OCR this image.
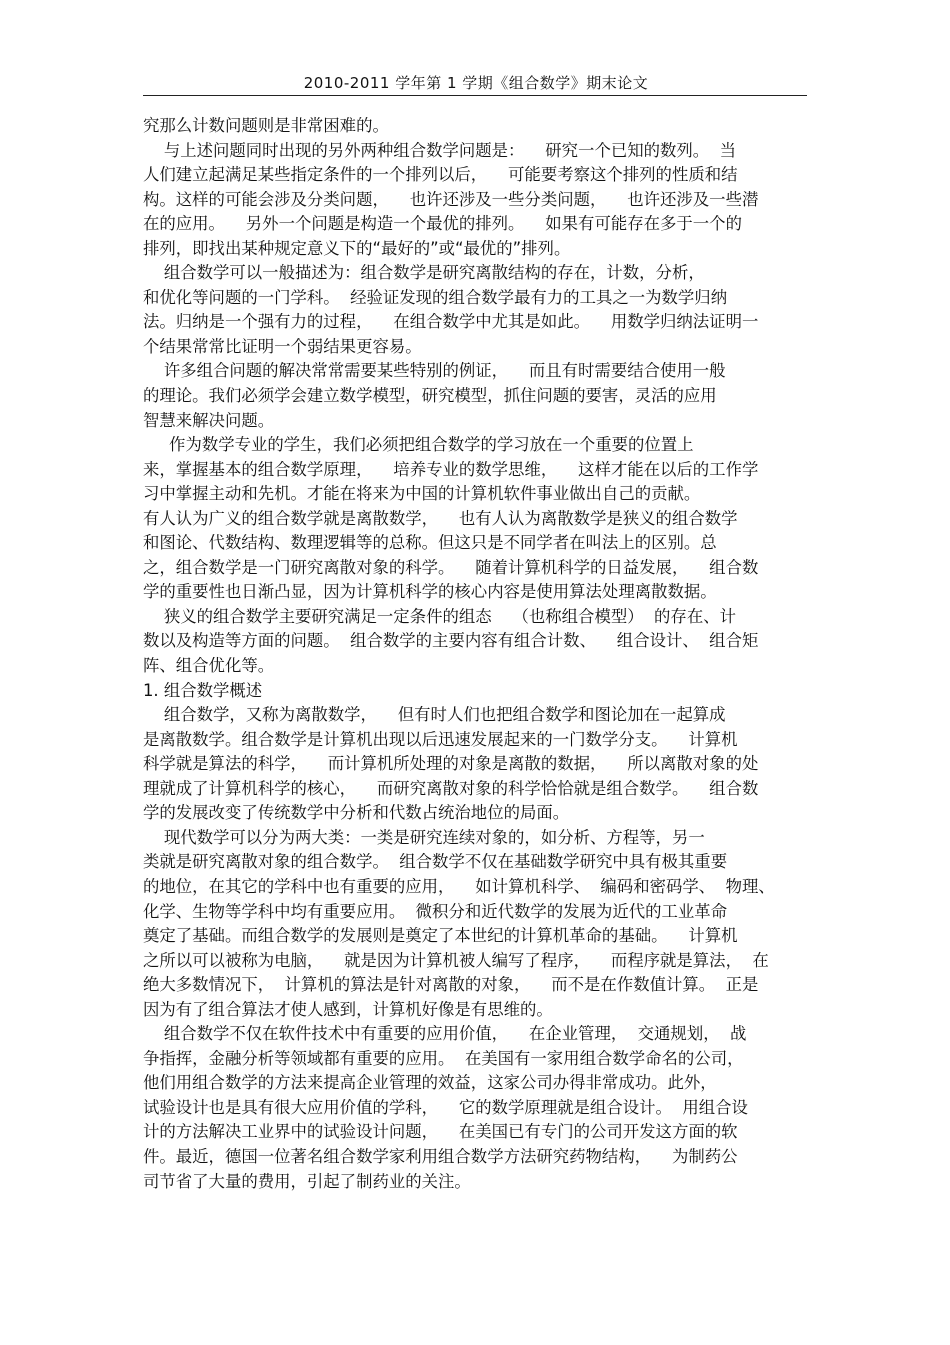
2010-2011 学年第 1 学期《组合数学》期末论文
究那么计数问题则是非常困难的。
与上述问题同时出现的另外两种组合数学问题是：    研究一个已知的数列。  当
人们建立起满足某些指定条件的一个排列以后，    可能要考察这个排列的性质和结
构。这样的可能会涉及分类问题，    也许还涉及一些分类问题，    也许还涉及一些潜
在的应用。    另外一个问题是构造一个最优的排列。    如果有可能存在多于一个的
排列，即找出某种规定意义下的“最好的”或“最优的”排列。
组合数学可以一般描述为：组合数学是研究离散结构的存在，计数，分析，
和优化等问题的一门学科。  经验证发现的组合数学最有力的工具之一为数学归纳
法。归纳是一个强有力的过程，    在组合数学中尤其是如此。    用数学归纳法证明一
个结果常常比证明一个弱结果更容易。
许多组合问题的解决常常需要某些特别的例证，    而且有时需要结合使用一般
的理论。我们必须学会建立数学模型，研究模型，抓住问题的要害，灵活的应用
智慧来解决问题。
作为数学专业的学生，我们必须把组合数学的学习放在一个重要的位置上
来，掌握基本的组合数学原理，    培养专业的数学思维，    这样才能在以后的工作学
习中掌握主动和先机。才能在将来为中国的计算机软件事业做出自己的贡献。
有人认为广义的组合数学就是离散数学，    也有人认为离散数学是狭义的组合数学
和图论、代数结构、数理逻辑等的总称。但这只是不同学者在叫法上的区别。总
之，组合数学是一门研究离散对象的科学。    随着计算机科学的日益发展，    组合数
学的重要性也日渐凸显，因为计算机科学的核心内容是使用算法处理离散数据。
狭义的组合数学主要研究满足一定条件的组态    （也称组合模型）  的存在、计
数以及构造等方面的问题。  组合数学的主要内容有组合计数、    组合设计、  组合矩
阵、组合优化等。
1. 组合数学概述
组合数学，又称为离散数学，    但有时人们也把组合数学和图论加在一起算成
是离散数学。组合数学是计算机出现以后迅速发展起来的一门数学分支。    计算机
科学就是算法的科学，    而计算机所处理的对象是离散的数据，    所以离散对象的处
理就成了计算机科学的核心，    而研究离散对象的科学恰恰就是组合数学。    组合数
学的发展改变了传统数学中分析和代数占统治地位的局面。
现代数学可以分为两大类：一类是研究连续对象的，如分析、方程等，另一
类就是研究离散对象的组合数学。  组合数学不仅在基础数学研究中具有极其重要
的地位，在其它的学科中也有重要的应用，    如计算机科学、  编码和密码学、  物理、
化学、生物等学科中均有重要应用。  微积分和近代数学的发展为近代的工业革命
奠定了基础。而组合数学的发展则是奠定了本世纪的计算机革命的基础。    计算机
之所以可以被称为电脑，    就是因为计算机被人编写了程序，    而程序就是算法，  在
绝大多数情况下，  计算机的算法是针对离散的对象，    而不是在作数值计算。  正是
因为有了组合算法才使人感到，计算机好像是有思维的。
组合数学不仅在软件技术中有重要的应用价值，    在企业管理，  交通规划，  战
争指挥，金融分析等领域都有重要的应用。  在美国有一家用组合数学命名的公司，
他们用组合数学的方法来提高企业管理的效益，这家公司办得非常成功。此外，
试验设计也是具有很大应用价值的学科，    它的数学原理就是组合设计。  用组合设
计的方法解决工业界中的试验设计问题，    在美国已有专门的公司开发这方面的软
件。最近，德国一位著名组合数学家利用组合数学方法研究药物结构，    为制药公
司节省了大量的费用，引起了制药业的关注。
